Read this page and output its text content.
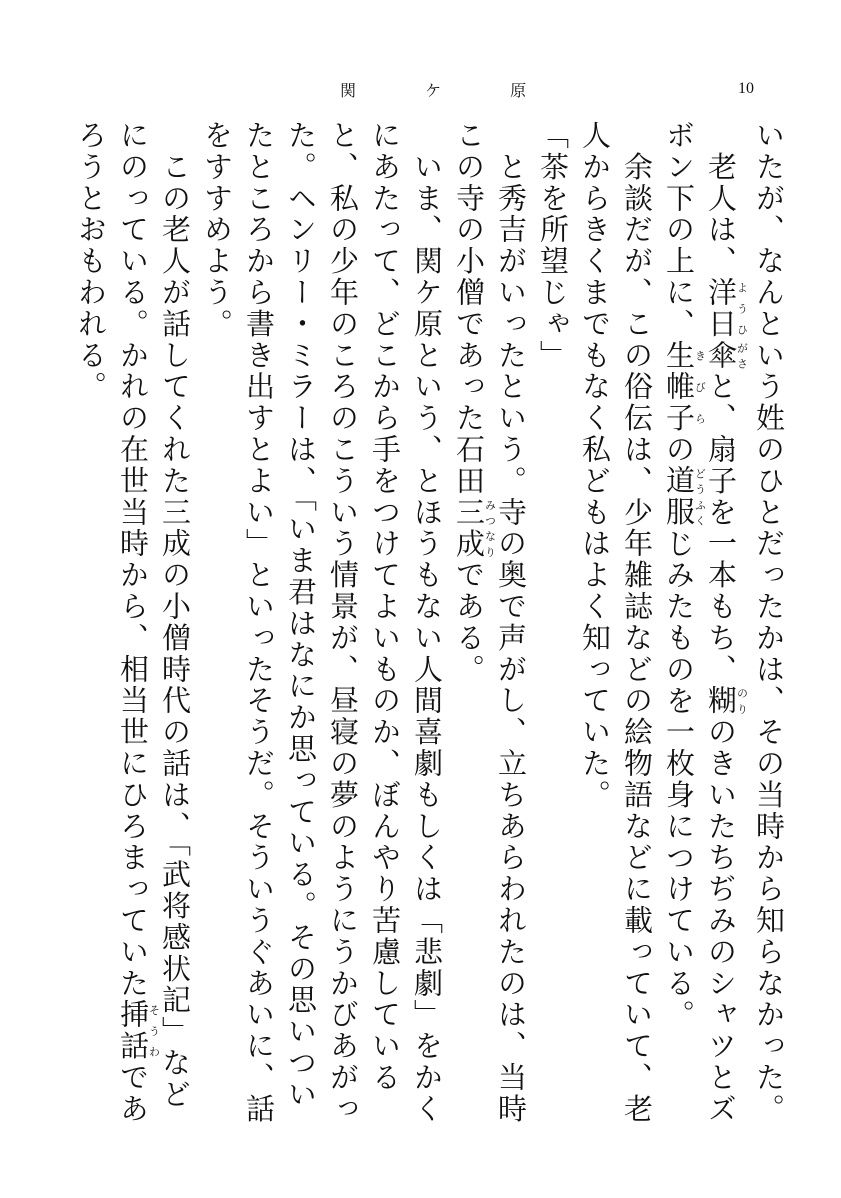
関 ケ 原	10

いたが、なんという姓のひとだったかは、その当時から知らなかった。

　老人は、洋日ようひ傘がさと、扇子を一本もち、糊のりのきいたちぢみのシャツとズボン下の上に、生き帷子びらの道服どうふくじみたものを一枚身につけている。

　余談だが、この俗伝は、少年雑誌などの絵物語などに載っていて、老人からきくまでもなく私どもはよく知っていた。

「茶を所望じゃ」

　と秀吉がいったという。寺の奥で声がし、立ちあらわれたのは、当時この寺の小僧であった石田三成みつなりである。

　いま、関ケ原という、とほうもない人間喜劇もしくは「悲劇」をかくにあたって、どこから手をつけてよいものか、ぼんやり苦慮していると、私の少年のころのこういう情景が、昼寝の夢のようにうかびあがった。ヘンリー・ミラーは、「いま君はなにか思っている。その思いついたところから書き出すとよい」といったそうだ。そういうぐあいに、話をすすめよう。

　この老人が話してくれた三成の小僧時代の話は、「武将感状記」などにのっている。かれの在世当時から、相当世にひろまっていた挿話そうわであろうとおもわれる。
